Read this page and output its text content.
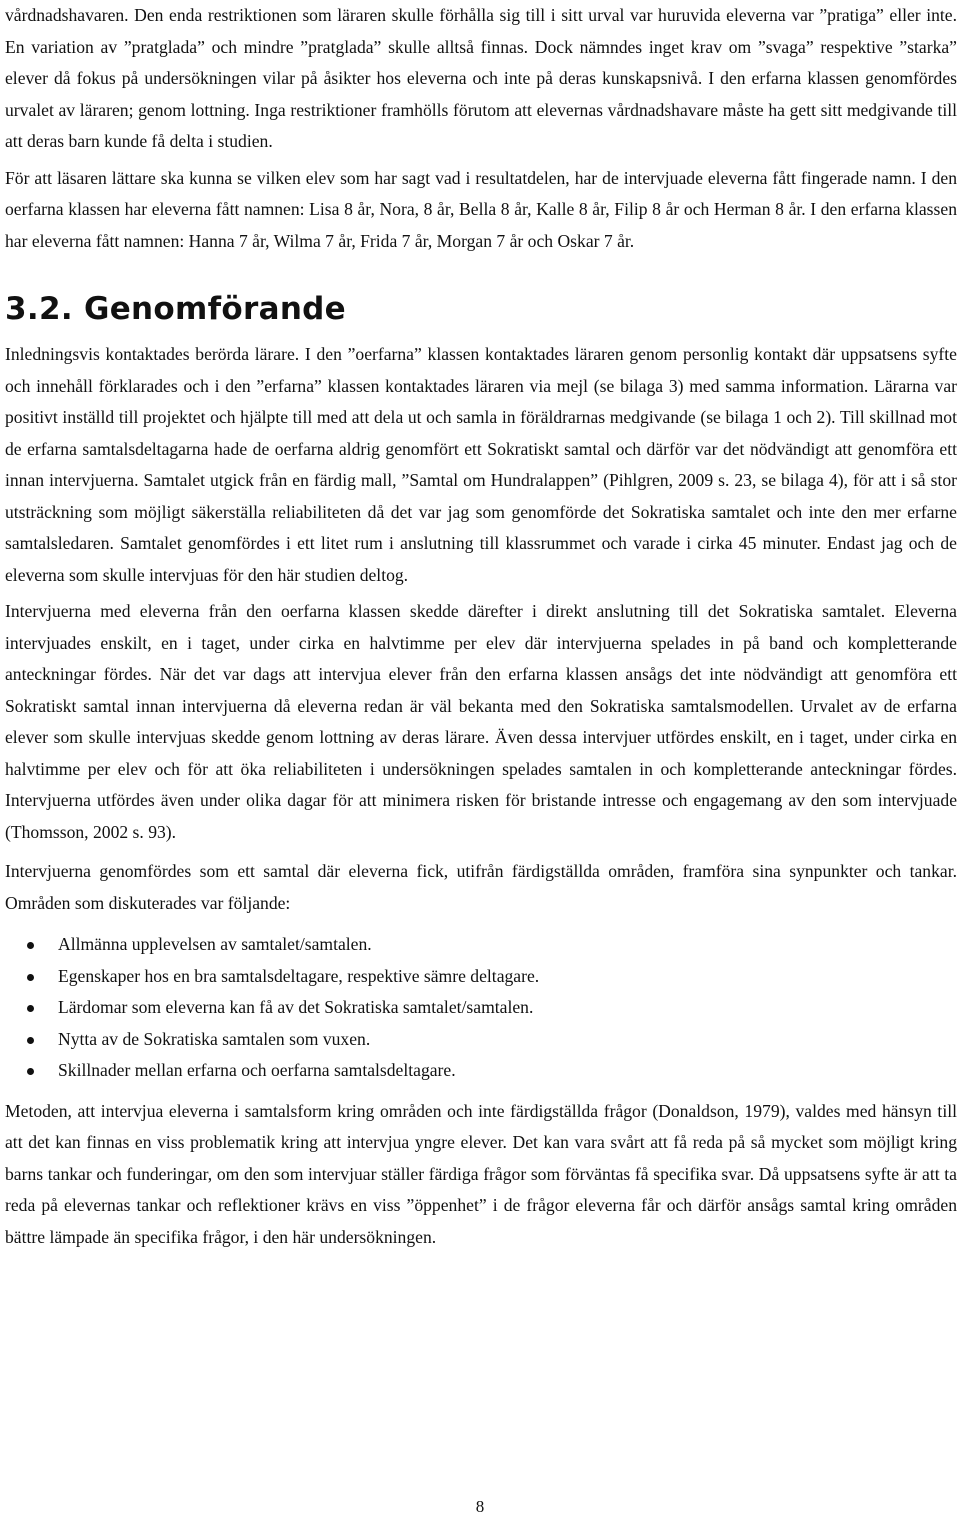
vårdnadshavaren. Den enda restriktionen som läraren skulle förhålla sig till i sitt urval var huruvida eleverna var ”pratiga” eller inte. En variation av ”pratglada” och mindre ”pratglada” skulle alltså finnas. Dock nämndes inget krav om ”svaga” respektive ”starka” elever då fokus på undersökningen vilar på åsikter hos eleverna och inte på deras kunskapsnivå. I den erfarna klassen genomfördes urvalet av läraren; genom lottning. Inga restriktioner framhölls förutom att elevernas vårdnadshavare måste ha gett sitt medgivande till att deras barn kunde få delta i studien.

För att läsaren lättare ska kunna se vilken elev som har sagt vad i resultatdelen, har de intervjuade eleverna fått fingerade namn. I den oerfarna klassen har eleverna fått namnen: Lisa 8 år, Nora, 8 år, Bella 8 år, Kalle 8 år, Filip 8 år och Herman 8 år. I den erfarna klassen har eleverna fått namnen: Hanna 7 år, Wilma 7 år, Frida 7 år, Morgan 7 år och Oskar 7 år.

3.2. Genomförande

Inledningsvis kontaktades berörda lärare. I den ”oerfarna” klassen kontaktades läraren genom personlig kontakt där uppsatsens syfte och innehåll förklarades och i den ”erfarna” klassen kontaktades läraren via mejl (se bilaga 3) med samma information. Lärarna var positivt inställd till projektet och hjälpte till med att dela ut och samla in föräldrarnas medgivande (se bilaga 1 och 2). Till skillnad mot de erfarna samtalsdeltagarna hade de oerfarna aldrig genomfört ett Sokratiskt samtal och därför var det nödvändigt att genomföra ett innan intervjuerna. Samtalet utgick från en färdig mall, ”Samtal om Hundralappen” (Pihlgren, 2009 s. 23, se bilaga 4), för att i så stor utsträckning som möjligt säkerställa reliabiliteten då det var jag som genomförde det Sokratiska samtalet och inte den mer erfarne samtalsledaren. Samtalet genomfördes i ett litet rum i anslutning till klassrummet och varade i cirka 45 minuter. Endast jag och de eleverna som skulle intervjuas för den här studien deltog.

Intervjuerna med eleverna från den oerfarna klassen skedde därefter i direkt anslutning till det Sokratiska samtalet. Eleverna intervjuades enskilt, en i taget, under cirka en halvtimme per elev där intervjuerna spelades in på band och kompletterande anteckningar fördes. När det var dags att intervjua elever från den erfarna klassen ansågs det inte nödvändigt att genomföra ett Sokratiskt samtal innan intervjuerna då eleverna redan är väl bekanta med den Sokratiska samtalsmodellen. Urvalet av de erfarna elever som skulle intervjuas skedde genom lottning av deras lärare. Även dessa intervjuer utfördes enskilt, en i taget, under cirka en halvtimme per elev och för att öka reliabiliteten i undersökningen spelades samtalen in och kompletterande anteckningar fördes. Intervjuerna utfördes även under olika dagar för att minimera risken för bristande intresse och engagemang av den som intervjuade (Thomsson, 2002 s. 93).

Intervjuerna genomfördes som ett samtal där eleverna fick, utifrån färdigställda områden, framföra sina synpunkter och tankar. Områden som diskuterades var följande:

Allmänna upplevelsen av samtalet/samtalen.
Egenskaper hos en bra samtalsdeltagare, respektive sämre deltagare.
Lärdomar som eleverna kan få av det Sokratiska samtalet/samtalen.
Nytta av de Sokratiska samtalen som vuxen.
Skillnader mellan erfarna och oerfarna samtalsdeltagare.

Metoden, att intervjua eleverna i samtalsform kring områden och inte färdigställda frågor (Donaldson, 1979), valdes med hänsyn till att det kan finnas en viss problematik kring att intervjua yngre elever. Det kan vara svårt att få reda på så mycket som möjligt kring barns tankar och funderingar, om den som intervjuar ställer färdiga frågor som förväntas få specifika svar. Då uppsatsens syfte är att ta reda på elevernas tankar och reflektioner krävs en viss ”öppenhet” i de frågor eleverna får och därför ansågs samtal kring områden bättre lämpade än specifika frågor, i den här undersökningen.

8
